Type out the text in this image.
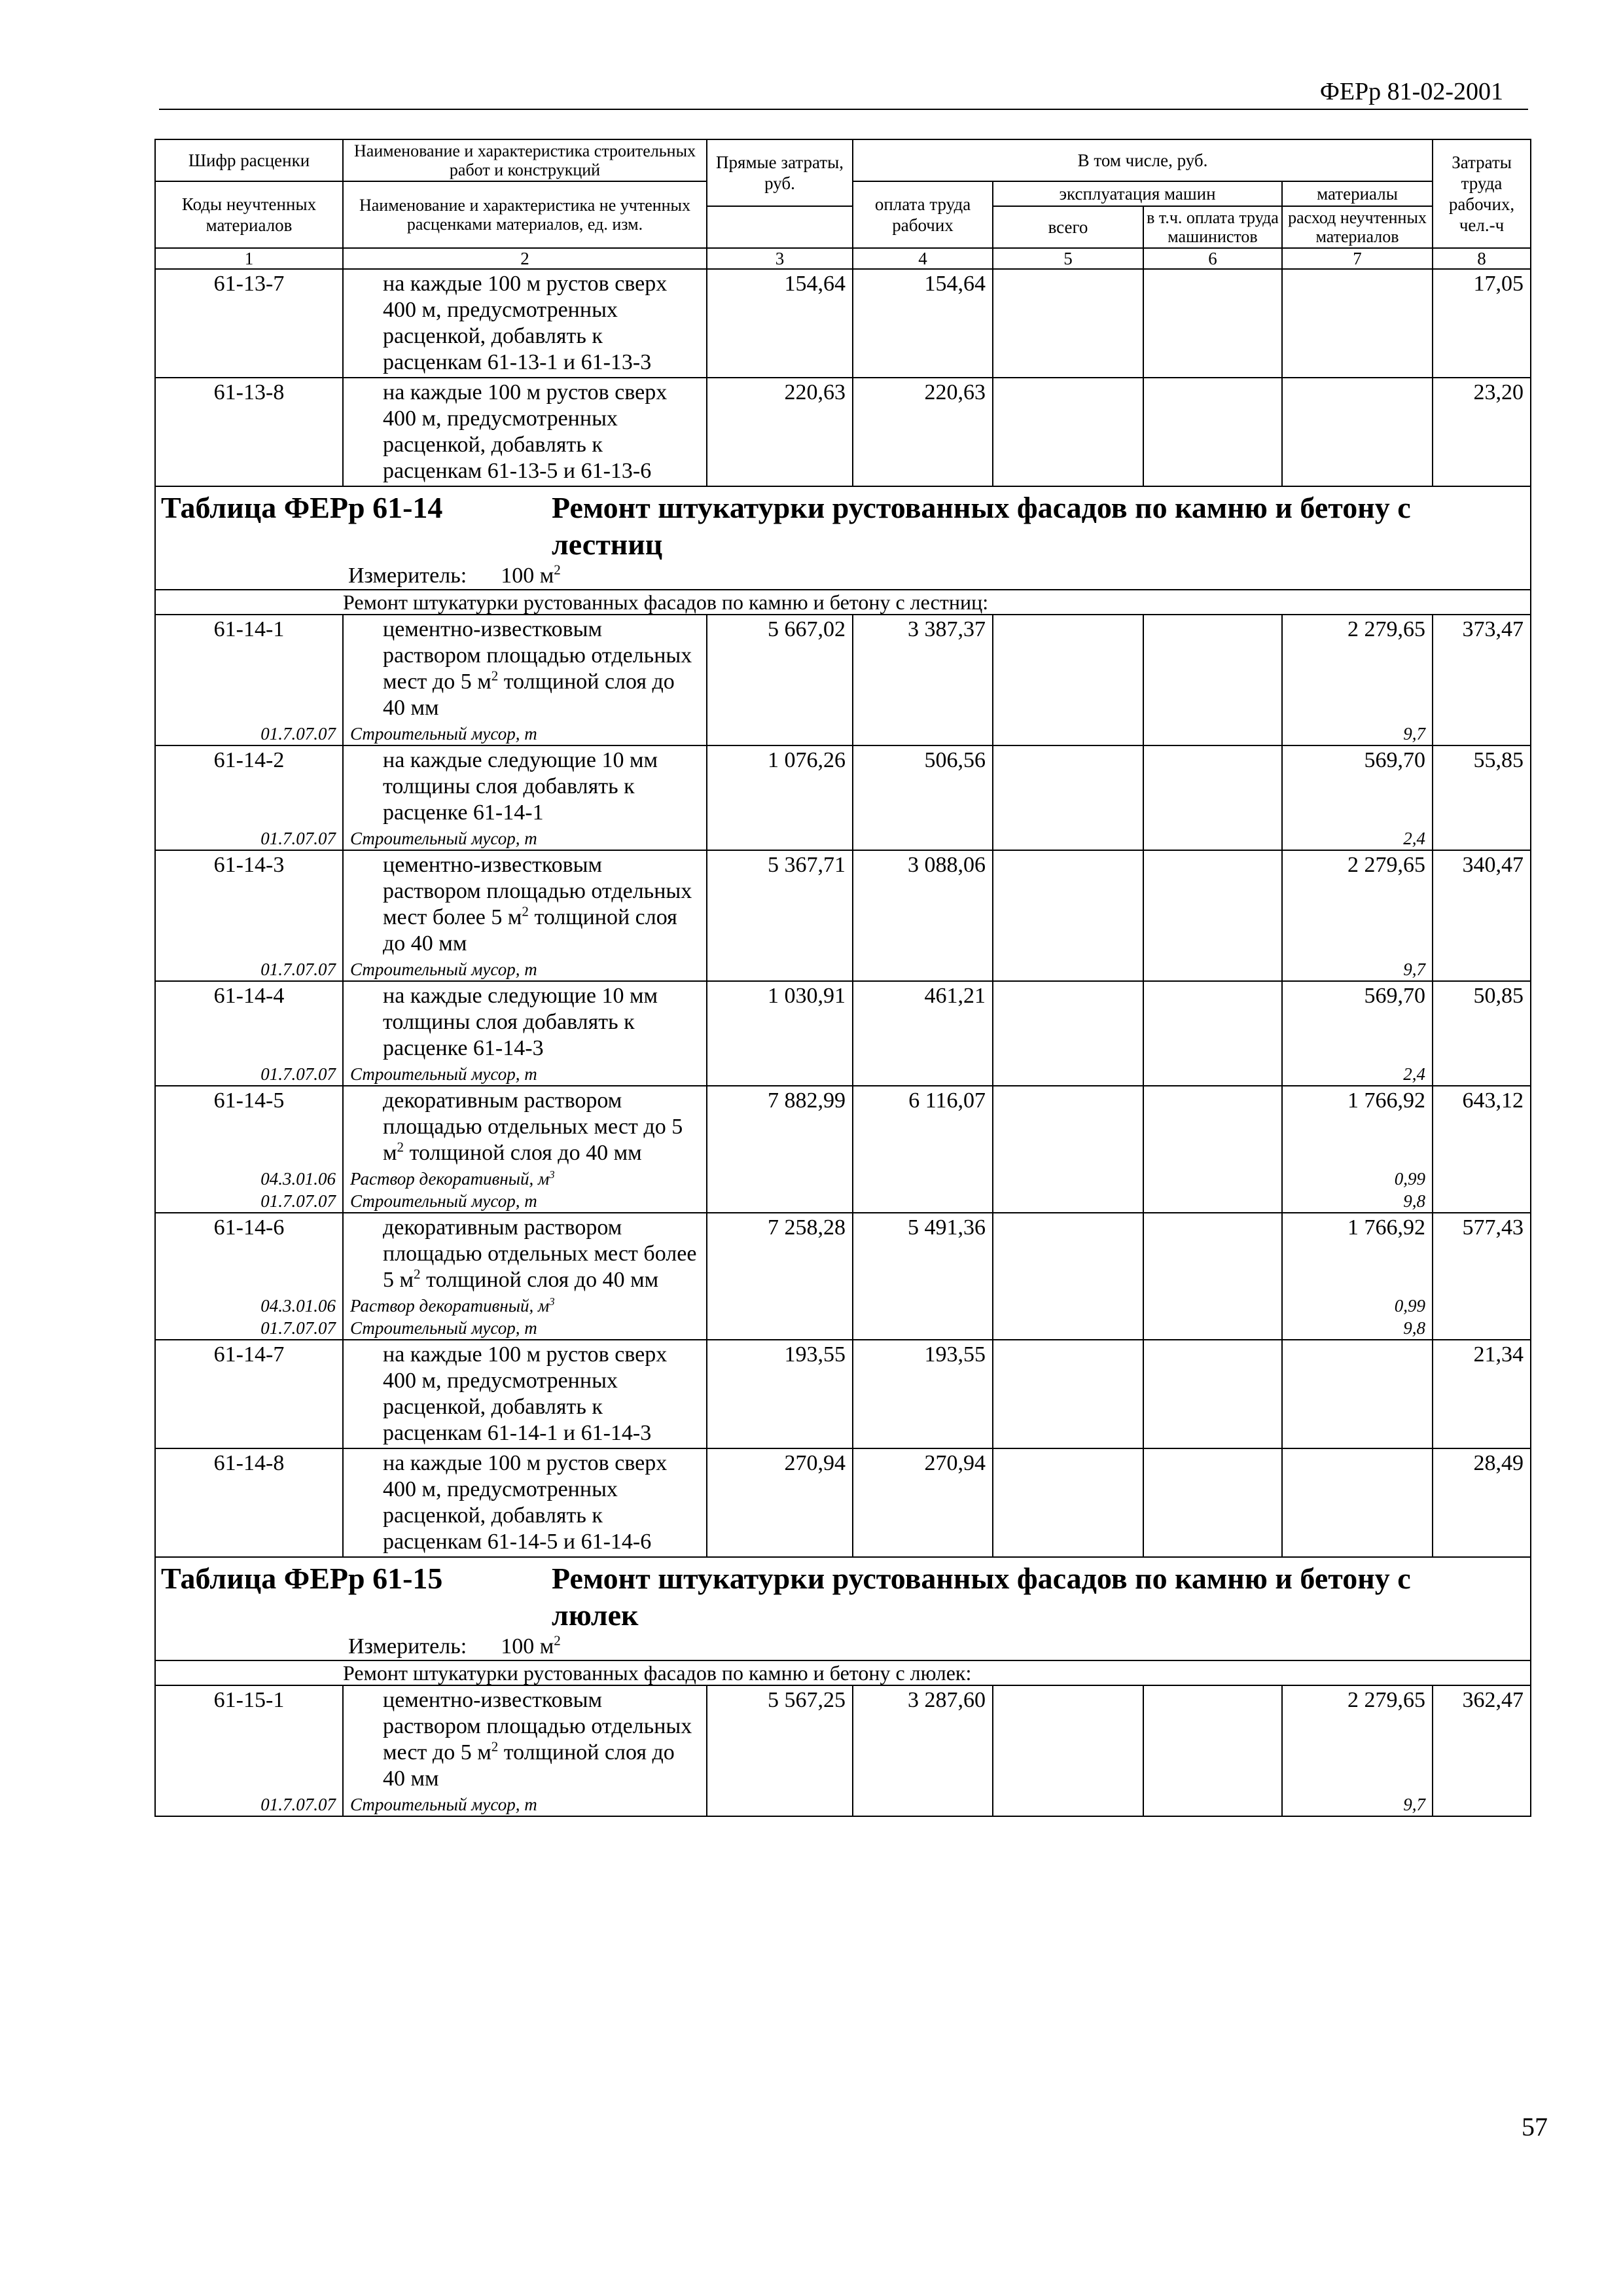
ФЕРр 81-02-2001
Шифр расценки	Наименование и характеристика строительных работ и конструкций	Прямые затраты, руб.	В том числе, руб.				Затраты труда рабочих, чел.-ч
Коды неучтенных материалов	Наименование и характеристика не учтенных расценками материалов, ед. изм.						
			оплата труда рабочих	эксплуатация машин		материалы	
				всего	в т.ч. оплата труда машинистов	расход неучтенных материалов	
1	2	3	4	5	6	7	8
61-13-7	на каждые 100 м рустов сверх 400 м, предусмотренных расценкой, добавлять к расценкам 61-13-1 и 61-13-3	154,64	154,64				17,05
61-13-8	на каждые 100 м рустов сверх 400 м, предусмотренных расценкой, добавлять к расценкам 61-13-5 и 61-13-6	220,63	220,63				23,20

Таблица ФЕРр 61-14 Ремонт штукатурки рустованных фасадов по камню и бетону с лестниц
Измеритель: 100 $м^2$

Ремонт штукатурки рустованных фасадов по камню и бетону с лестниц:							
61-14-1	цементно-известковым раствором площадью отдельных мест до 5 $м^2$ толщиной слоя до 40 мм	5 667,02	3 387,37			2 279,65	373,47
01.7.07.07	Строительный мусор, т					9,7	
61-14-2	на каждые следующие 10 мм толщины слоя добавлять к расценке 61-14-1	1 076,26	506,56			569,70	55,85
01.7.07.07	Строительный мусор, т					2,4	
61-14-3	цементно-известковым раствором площадью отдельных мест более 5 $м^2$ толщиной слоя до 40 мм	5 367,71	3 088,06			2 279,65	340,47
01.7.07.07	Строительный мусор, т					9,7	
61-14-4	на каждые следующие 10 мм толщины слоя добавлять к расценке 61-14-3	1 030,91	461,21			569,70	50,85
01.7.07.07	Строительный мусор, т					2,4	
61-14-5	декоративным раствором площадью отдельных мест до 5 $м^2$ толщиной слоя до 40 мм	7 882,99	6 116,07			1 766,92	643,12
04.3.01.06	Раствор декоративный, $м^3$					0,99	
01.7.07.07	Строительный мусор, т					9,8	
61-14-6	декоративным раствором площадью отдельных мест более 5 $м^2$ толщиной слоя до 40 мм	7 258,28	5 491,36			1 766,92	577,43
04.3.01.06	Раствор декоративный, $м^3$					0,99	
01.7.07.07	Строительный мусор, т					9,8	
61-14-7	на каждые 100 м рустов сверх 400 м, предусмотренных расценкой, добавлять к расценкам 61-14-1 и 61-14-3	193,55	193,55				21,34
61-14-8	на каждые 100 м рустов сверх 400 м, предусмотренных расценкой, добавлять к расценкам 61-14-5 и 61-14-6	270,94	270,94				28,49

Таблица ФЕРр 61-15 Ремонт штукатурки рустованных фасадов по камню и бетону с люлек
Измеритель: 100 $м^2$

Ремонт штукатурки рустованных фасадов по камню и бетону с люлек:							
61-15-1	цементно-известковым раствором площадью отдельных мест до 5 $м^2$ толщиной слоя до 40 мм	5 567,25	3 287,60			2 279,65	362,47
01.7.07.07	Строительный мусор, т					9,7	
57
